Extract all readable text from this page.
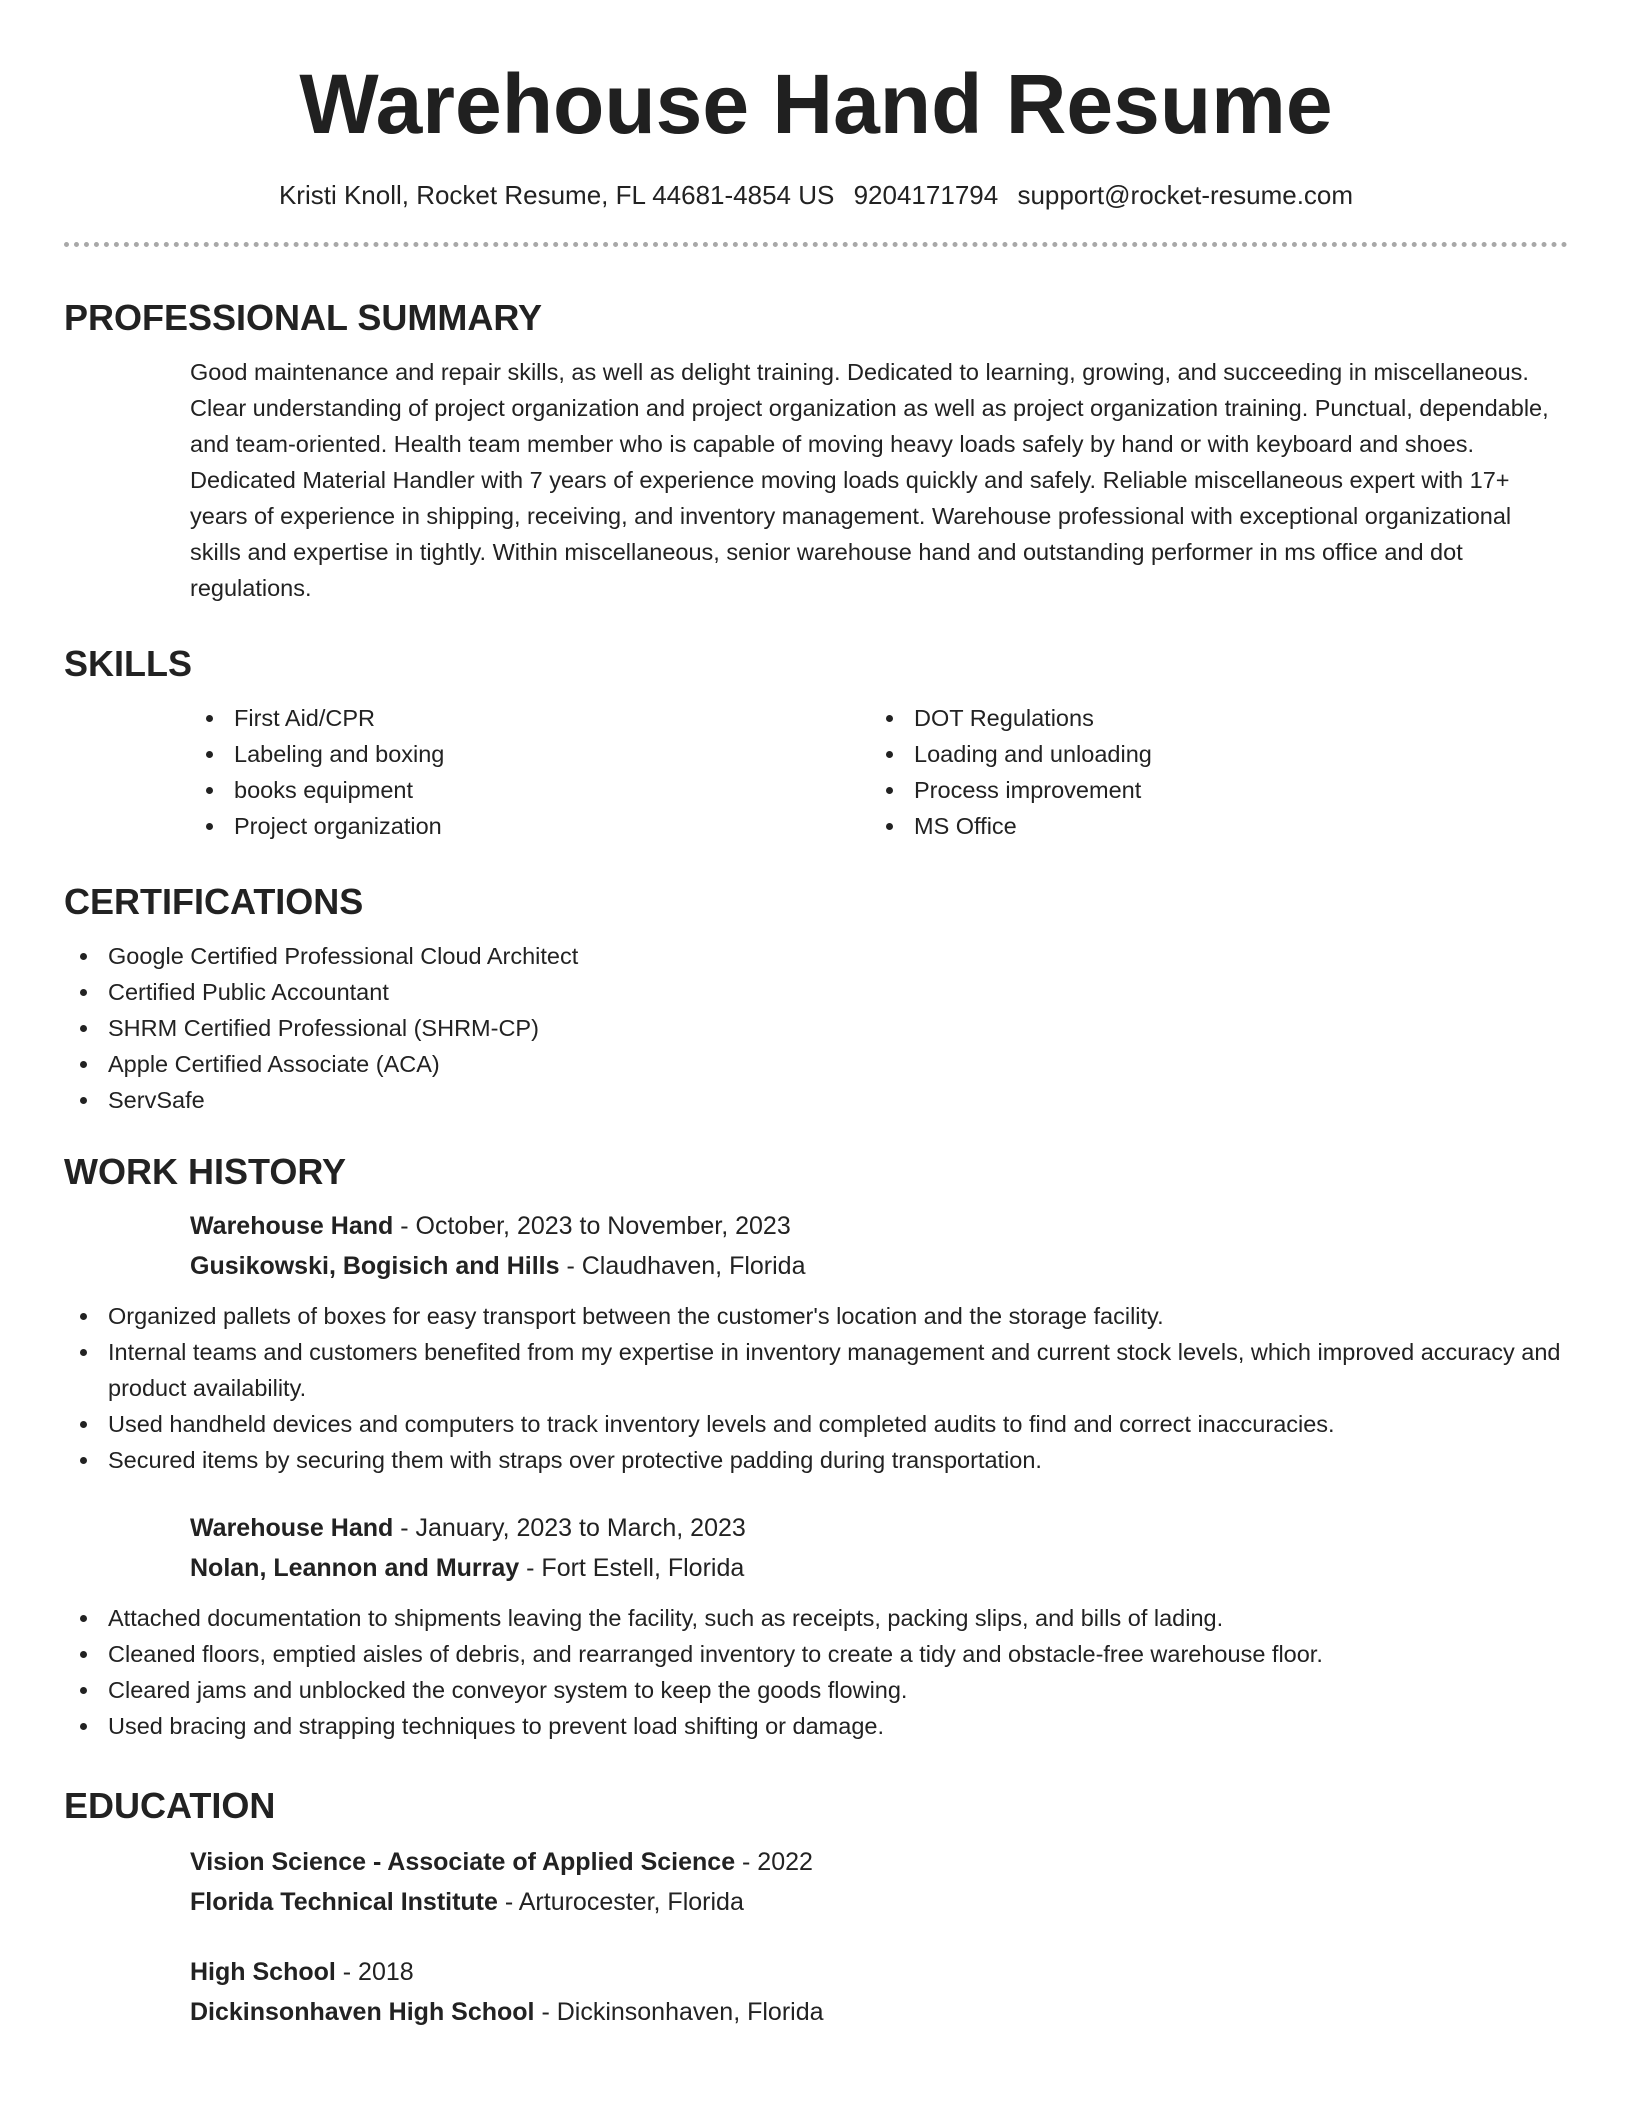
Warehouse Hand Resume
Kristi Knoll, Rocket Resume, FL 44681-4854 US 9204171794 support@rocket-resume.com
PROFESSIONAL SUMMARY

Good maintenance and repair skills, as well as delight training. Dedicated to learning, growing, and succeeding in miscellaneous. Clear understanding of project organization and project organization as well as project organization training. Punctual, dependable, and team-oriented. Health team member who is capable of moving heavy loads safely by hand or with keyboard and shoes. Dedicated Material Handler with 7 years of experience moving loads quickly and safely. Reliable miscellaneous expert with 17+ years of experience in shipping, receiving, and inventory management. Warehouse professional with exceptional organizational skills and expertise in tightly. Within miscellaneous, senior warehouse hand and outstanding performer in ms office and dot regulations.

SKILLS
First Aid/CPR
Labeling and boxing
books equipment
Project organization
DOT Regulations
Loading and unloading
Process improvement
MS Office
CERTIFICATIONS
Google Certified Professional Cloud Architect
Certified Public Accountant
SHRM Certified Professional (SHRM-CP)
Apple Certified Associate (ACA)
ServSafe
WORK HISTORY
Warehouse Hand - October, 2023 to November, 2023
Gusikowski, Bogisich and Hills - Claudhaven, Florida
Organized pallets of boxes for easy transport between the customer's location and the storage facility.
Internal teams and customers benefited from my expertise in inventory management and current stock levels, which improved accuracy and product availability.
Used handheld devices and computers to track inventory levels and completed audits to find and correct inaccuracies.
Secured items by securing them with straps over protective padding during transportation.
Warehouse Hand - January, 2023 to March, 2023
Nolan, Leannon and Murray - Fort Estell, Florida
Attached documentation to shipments leaving the facility, such as receipts, packing slips, and bills of lading.
Cleaned floors, emptied aisles of debris, and rearranged inventory to create a tidy and obstacle-free warehouse floor.
Cleared jams and unblocked the conveyor system to keep the goods flowing.
Used bracing and strapping techniques to prevent load shifting or damage.
EDUCATION
Vision Science - Associate of Applied Science - 2022
Florida Technical Institute - Arturocester, Florida
High School - 2018
Dickinsonhaven High School - Dickinsonhaven, Florida
